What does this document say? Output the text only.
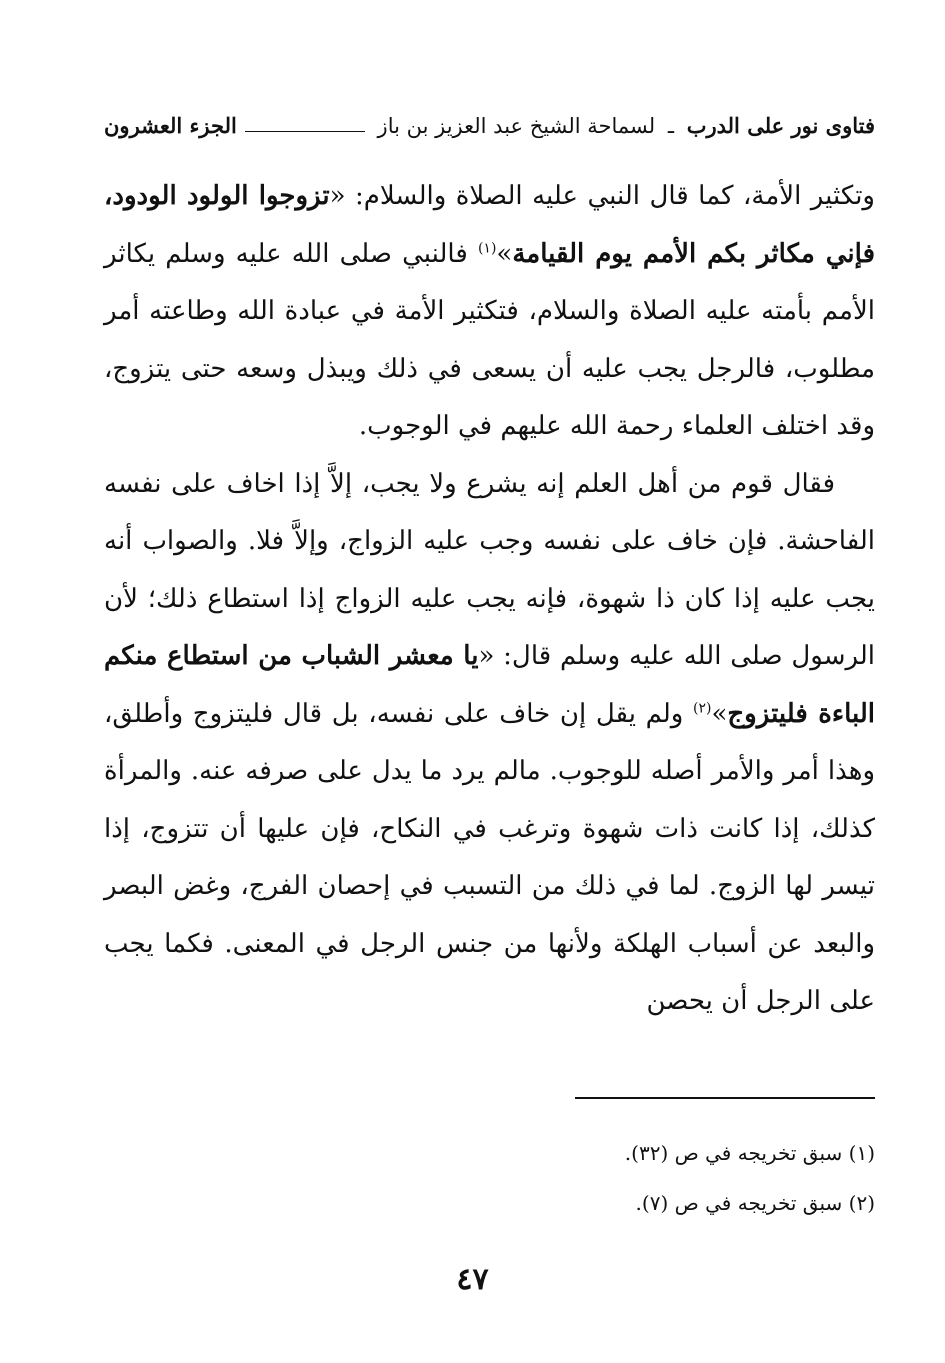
فتاوى نور على الدرب ـ لسماحة الشيخ عبد العزيز بن باز
الجزء العشرون

وتكثير الأمة، كما قال النبي عليه الصلاة والسلام: «تزوجوا الولود الودود، فإني مكاثر بكم الأمم يوم القيامة»$^{(١)}$ فالنبي صلى الله عليه وسلم يكاثر الأمم بأمته عليه الصلاة والسلام، فتكثير الأمة في عبادة الله وطاعته أمر مطلوب، فالرجل يجب عليه أن يسعى في ذلك ويبذل وسعه حتى يتزوج، وقد اختلف العلماء رحمة الله عليهم في الوجوب.

فقال قوم من أهل العلم إنه يشرع ولا يجب، إلاَّ إذا اخاف على نفسه الفاحشة. فإن خاف على نفسه وجب عليه الزواج، وإلاَّ فلا. والصواب أنه يجب عليه إذا كان ذا شهوة، فإنه يجب عليه الزواج إذا استطاع ذلك؛ لأن الرسول صلى الله عليه وسلم قال: «يا معشر الشباب من استطاع منكم الباءة فليتزوج»$^{(٢)}$ ولم يقل إن خاف على نفسه، بل قال فليتزوج وأطلق، وهذا أمر والأمر أصله للوجوب. مالم يرد ما يدل على صرفه عنه. والمرأة كذلك، إذا كانت ذات شهوة وترغب في النكاح، فإن عليها أن تتزوج، إذا تيسر لها الزوج. لما في ذلك من التسبب في إحصان الفرج، وغض البصر والبعد عن أسباب الهلكة ولأنها من جنس الرجل في المعنى. فكما يجب على الرجل أن يحصن

(١) سبق تخريجه في ص (٣٢).

(٢) سبق تخريجه في ص (٧).

٤٧
